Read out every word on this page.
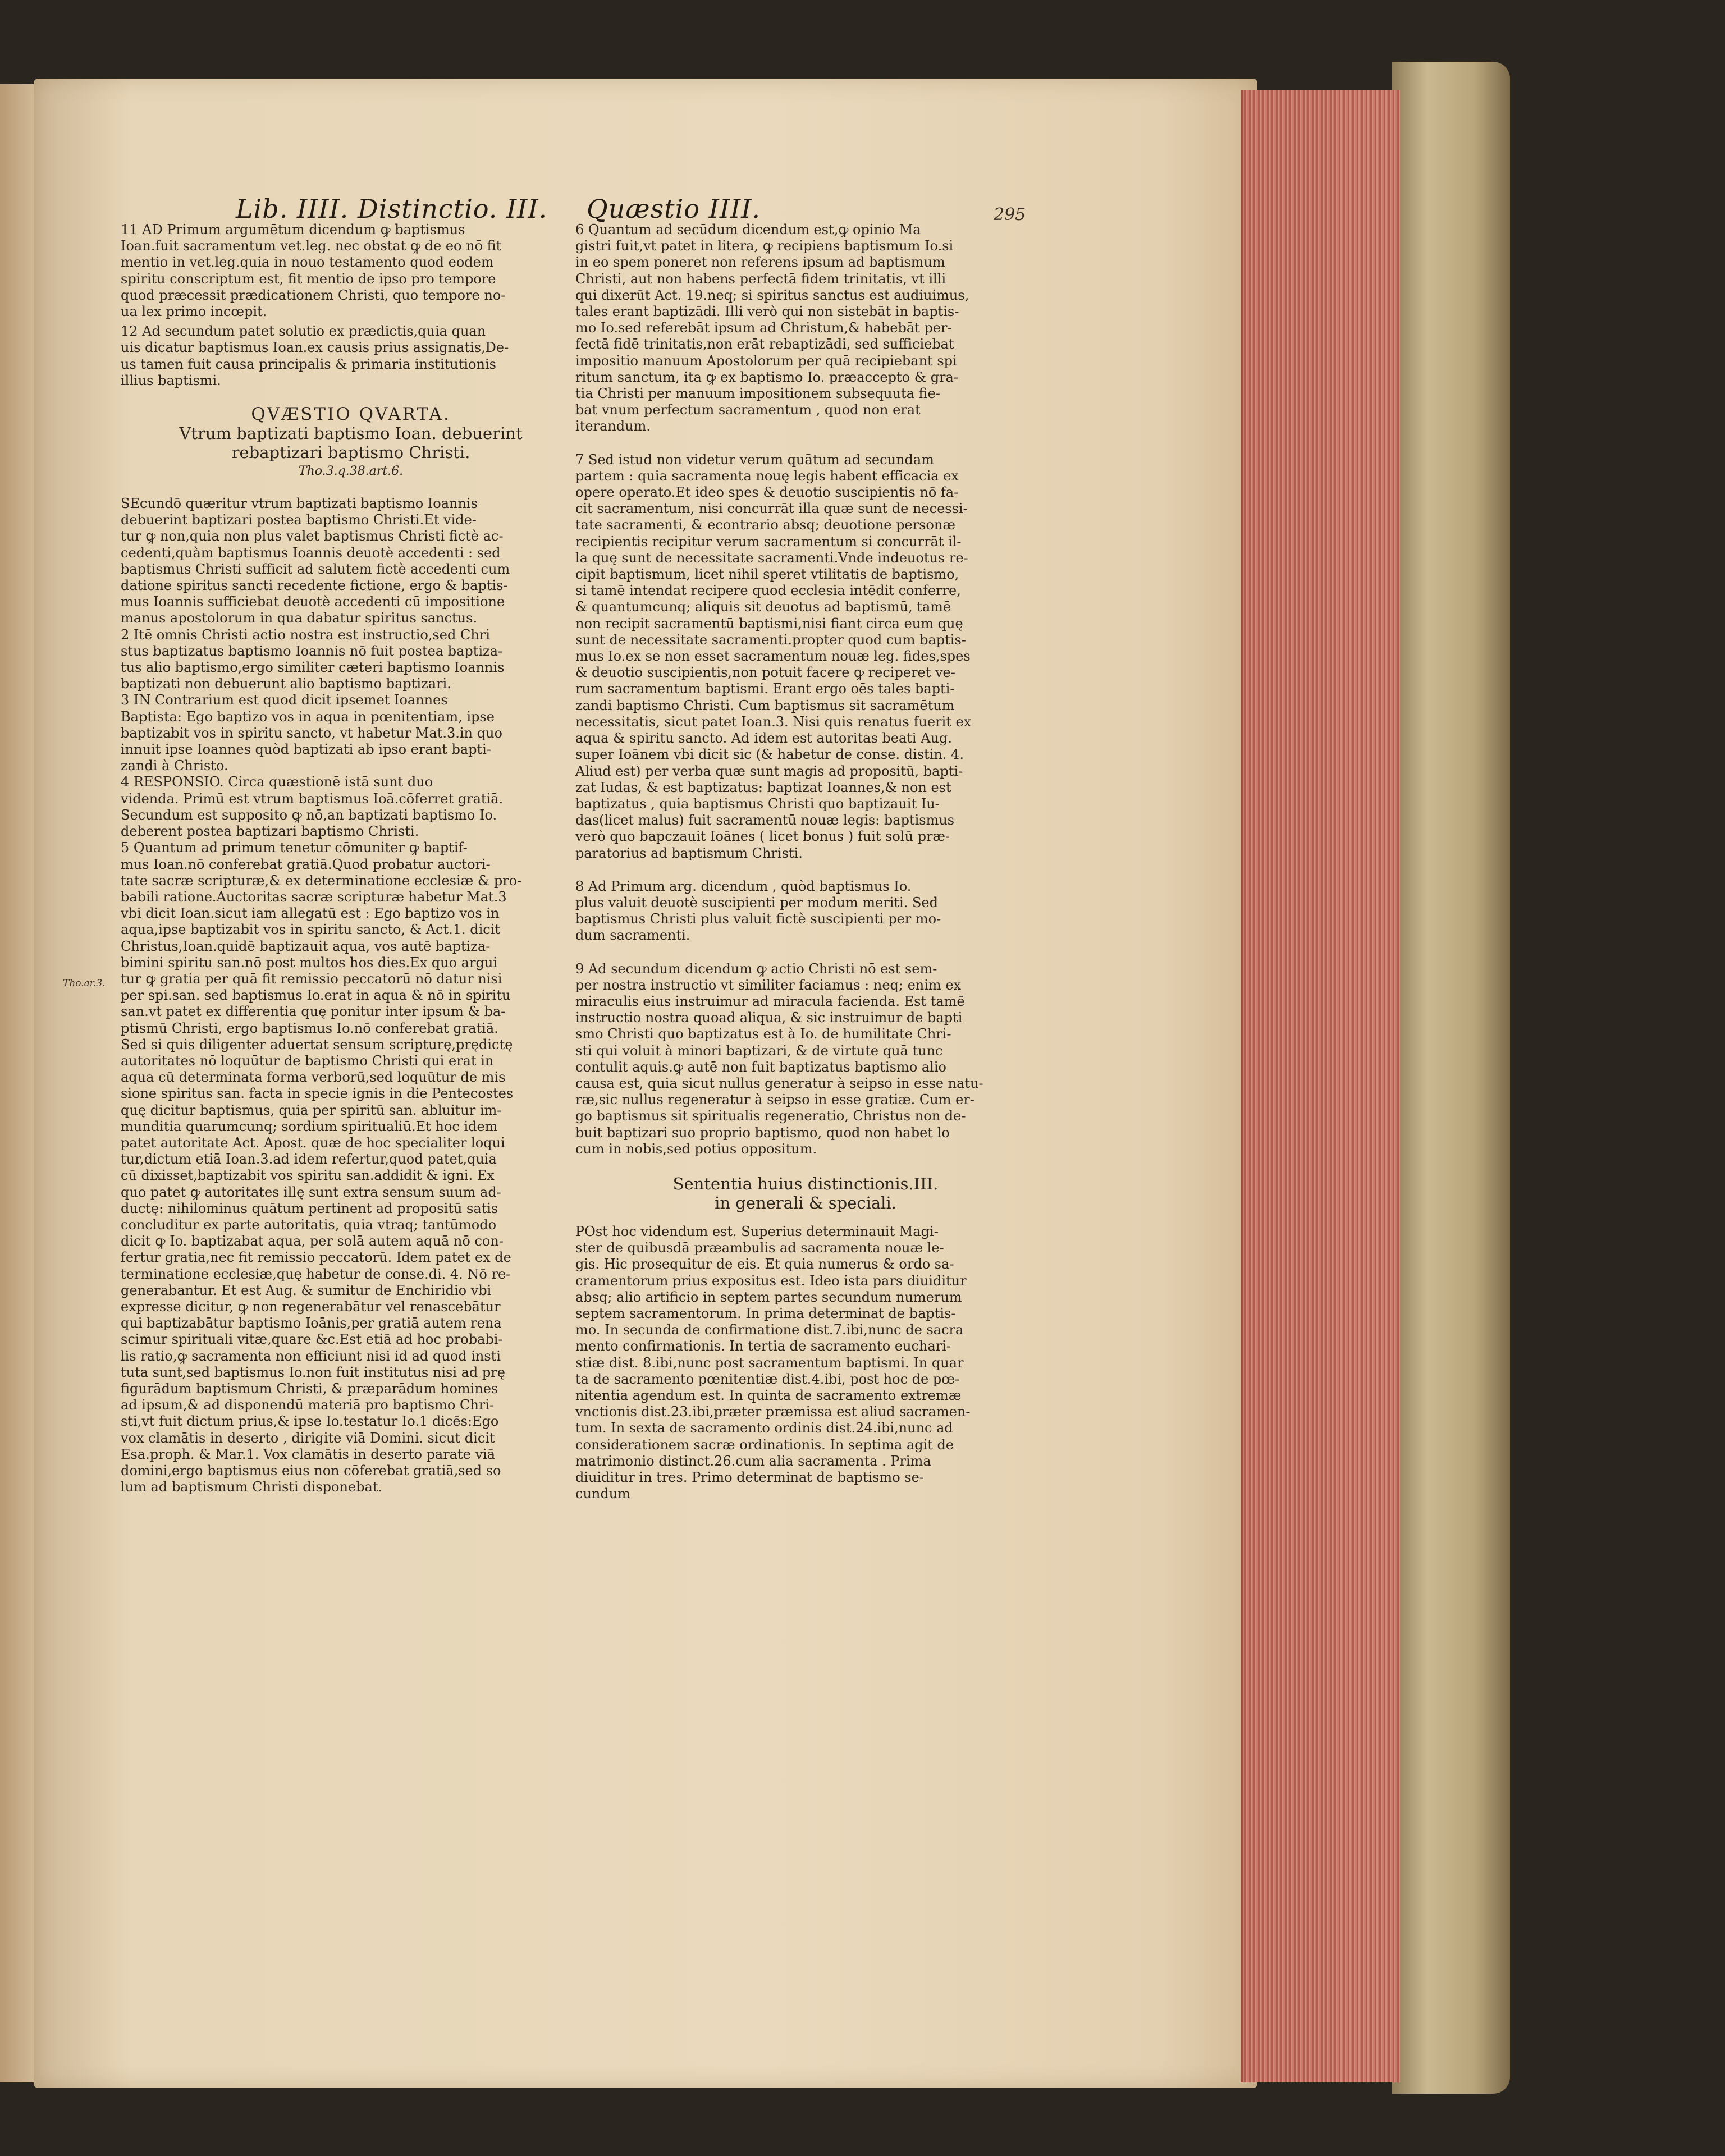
Lib. IIII. Distinctio. III. Quæstio IIII.	295
Tho.ar.3.

11 AD Primum argumētum dicendum ꝙ baptismus
Ioan.fuit sacramentum vet.leg. nec obstat ꝙ de eo nō fit
mentio in vet.leg.quia in nouo testamento quod eodem
spiritu conscriptum est, fit mentio de ipso pro tempore
quod præcessit prædicationem Christi, quo tempore no-
ua lex primo incœpit.

12 Ad secundum patet solutio ex prædictis,quia quan
uis dicatur baptismus Ioan.ex causis prius assignatis,De-
us tamen fuit causa principalis & primaria institutionis
illius baptismi.

QVÆSTIO QVARTA.

Vtrum baptizati baptismo Ioan. debuerint

rebaptizari baptismo Christi.

Tho.3.q.38.art.6.

SEcundō quæritur vtrum baptizati baptismo Ioannis
debuerint baptizari postea baptismo Christi.Et vide-
tur ꝙ non,quia non plus valet baptismus Christi fictè ac-
cedenti,quàm baptismus Ioannis deuotè accedenti : sed
baptismus Christi sufficit ad salutem fictè accedenti cum
datione spiritus sancti recedente fictione, ergo & baptis-
mus Ioannis sufficiebat deuotè accedenti cū impositione
manus apostolorum in qua dabatur spiritus sanctus.

2 Itē omnis Christi actio nostra est instructio,sed Chri
stus baptizatus baptismo Ioannis nō fuit postea baptiza-
tus alio baptismo,ergo similiter cæteri baptismo Ioannis
baptizati non debuerunt alio baptismo baptizari.

3 IN Contrarium est quod dicit ipsemet Ioannes
Baptista: Ego baptizo vos in aqua in pœnitentiam, ipse
baptizabit vos in spiritu sancto, vt habetur Mat.3.in quo
innuit ipse Ioannes quòd baptizati ab ipso erant bapti-
zandi à Christo.

4 RESPONSIO. Circa quæstionē istā sunt duo
videnda. Primū est vtrum baptismus Ioā.cōferret gratiā.
Secundum est supposito ꝙ nō,an baptizati baptismo Io.
deberent postea baptizari baptismo Christi.

5 Quantum ad primum tenetur cōmuniter ꝙ baptif-
mus Ioan.nō conferebat gratiā.Quod probatur auctori-
tate sacræ scripturæ,& ex determinatione ecclesiæ & pro-
babili ratione.Auctoritas sacræ scripturæ habetur Mat.3
vbi dicit Ioan.sicut iam allegatū est : Ego baptizo vos in
aqua,ipse baptizabit vos in spiritu sancto, & Act.1. dicit
Christus,Ioan.quidē baptizauit aqua, vos autē baptiza-
bimini spiritu san.nō post multos hos dies.Ex quo argui
tur ꝙ gratia per quā fit remissio peccatorū nō datur nisi
per spi.san. sed baptismus Io.erat in aqua & nō in spiritu
san.vt patet ex differentia quę ponitur inter ipsum & ba-
ptismū Christi, ergo baptismus Io.nō conferebat gratiā.
Sed si quis diligenter aduertat sensum scripturę,prędictę
autoritates nō loquūtur de baptismo Christi qui erat in
aqua cū determinata forma verborū,sed loquūtur de mis
sione spiritus san. facta in specie ignis in die Pentecostes
quę dicitur baptismus, quia per spiritū san. abluitur im-
munditia quarumcunq; sordium spiritualiū.Et hoc idem
patet autoritate Act. Apost. quæ de hoc specialiter loqui
tur,dictum etiā Ioan.3.ad idem refertur,quod patet,quia
cū dixisset,baptizabit vos spiritu san.addidit & igni. Ex
quo patet ꝙ autoritates illę sunt extra sensum suum ad-
ductę: nihilominus quātum pertinent ad propositū satis
concluditur ex parte autoritatis, quia vtraq; tantūmodo
dicit ꝙ Io. baptizabat aqua, per solā autem aquā nō con-
fertur gratia,nec fit remissio peccatorū. Idem patet ex de
terminatione ecclesiæ,quę habetur de conse.di. 4. Nō re-
generabantur. Et est Aug. & sumitur de Enchiridio vbi
expresse dicitur, ꝙ non regenerabātur vel renascebātur
qui baptizabātur baptismo Ioānis,per gratiā autem rena
scimur spirituali vitæ,quare &c.Est etiā ad hoc probabi-
lis ratio,ꝙ sacramenta non efficiunt nisi id ad quod insti
tuta sunt,sed baptismus Io.non fuit institutus nisi ad prę
figurādum baptismum Christi, & præparādum homines
ad ipsum,& ad disponendū materiā pro baptismo Chri-
sti,vt fuit dictum prius,& ipse Io.testatur Io.1 dicēs:Ego
vox clamātis in deserto , dirigite viā Domini. sicut dicit
Esa.proph. & Mar.1. Vox clamātis in deserto parate viā
domini,ergo baptismus eius non cōferebat gratiā,sed so
lum ad baptismum Christi disponebat.

6 Quantum ad secūdum dicendum est,ꝙ opinio Ma
gistri fuit,vt patet in litera, ꝙ recipiens baptismum Io.si
in eo spem poneret non referens ipsum ad baptismum
Christi, aut non habens perfectā fidem trinitatis, vt illi
qui dixerūt Act. 19.neq; si spiritus sanctus est audiuimus,
tales erant baptizādi. Illi verò qui non sistebāt in baptis-
mo Io.sed referebāt ipsum ad Christum,& habebāt per-
fectā fidē trinitatis,non erāt rebaptizādi, sed sufficiebat
impositio manuum Apostolorum per quā recipiebant spi
ritum sanctum, ita ꝙ ex baptismo Io. præaccepto & gra-
tia Christi per manuum impositionem subsequuta fie-
bat vnum perfectum sacramentum , quod non erat
iterandum.

7 Sed istud non videtur verum quātum ad secundam
partem : quia sacramenta nouę legis habent efficacia ex
opere operato.Et ideo spes & deuotio suscipientis nō fa-
cit sacramentum, nisi concurrāt illa quæ sunt de necessi-
tate sacramenti, & econtrario absq; deuotione personæ
recipientis recipitur verum sacramentum si concurrāt il-
la quę sunt de necessitate sacramenti.Vnde indeuotus re-
cipit baptismum, licet nihil speret vtilitatis de baptismo,
si tamē intendat recipere quod ecclesia intēdit conferre,
& quantumcunq; aliquis sit deuotus ad baptismū, tamē
non recipit sacramentū baptismi,nisi fiant circa eum quę
sunt de necessitate sacramenti.propter quod cum baptis-
mus Io.ex se non esset sacramentum nouæ leg. fides,spes
& deuotio suscipientis,non potuit facere ꝙ reciperet ve-
rum sacramentum baptismi. Erant ergo oēs tales bapti-
zandi baptismo Christi. Cum baptismus sit sacramētum
necessitatis, sicut patet Ioan.3. Nisi quis renatus fuerit ex
aqua & spiritu sancto. Ad idem est autoritas beati Aug.
super Ioānem vbi dicit sic (& habetur de conse. distin. 4.
Aliud est) per verba quæ sunt magis ad propositū, bapti-
zat Iudas, & est baptizatus: baptizat Ioannes,& non est
baptizatus , quia baptismus Christi quo baptizauit Iu-
das(licet malus) fuit sacramentū nouæ legis: baptismus
verò quo bapczauit Ioānes ( licet bonus ) fuit solū præ-
paratorius ad baptismum Christi.

8 Ad Primum arg. dicendum , quòd baptismus Io.
plus valuit deuotè suscipienti per modum meriti. Sed
baptismus Christi plus valuit fictè suscipienti per mo-
dum sacramenti.

9 Ad secundum dicendum ꝙ actio Christi nō est sem-
per nostra instructio vt similiter faciamus : neq; enim ex
miraculis eius instruimur ad miracula facienda. Est tamē
instructio nostra quoad aliqua, & sic instruimur de bapti
smo Christi quo baptizatus est à Io. de humilitate Chri-
sti qui voluit à minori baptizari, & de virtute quā tunc
contulit aquis.ꝙ autē non fuit baptizatus baptismo alio
causa est, quia sicut nullus generatur à seipso in esse natu-
ræ,sic nullus regeneratur à seipso in esse gratiæ. Cum er-
go baptismus sit spiritualis regeneratio, Christus non de-
buit baptizari suo proprio baptismo, quod non habet lo
cum in nobis,sed potius oppositum.

Sententia huius distinctionis.III.

in generali & speciali.

POst hoc videndum est. Superius determinauit Magi-
ster de quibusdā præambulis ad sacramenta nouæ le-
gis. Hic prosequitur de eis. Et quia numerus & ordo sa-
cramentorum prius expositus est. Ideo ista pars diuiditur
absq; alio artificio in septem partes secundum numerum
septem sacramentorum. In prima determinat de baptis-
mo. In secunda de confirmatione dist.7.ibi,nunc de sacra
mento confirmationis. In tertia de sacramento euchari-
stiæ dist. 8.ibi,nunc post sacramentum baptismi. In quar
ta de sacramento pœnitentiæ dist.4.ibi, post hoc de pœ-
nitentia agendum est. In quinta de sacramento extremæ
vnctionis dist.23.ibi,præter præmissa est aliud sacramen-
tum. In sexta de sacramento ordinis dist.24.ibi,nunc ad
considerationem sacræ ordinationis. In septima agit de
matrimonio distinct.26.cum alia sacramenta . Prima
diuiditur in tres. Primo determinat de baptismo se-
cundum
